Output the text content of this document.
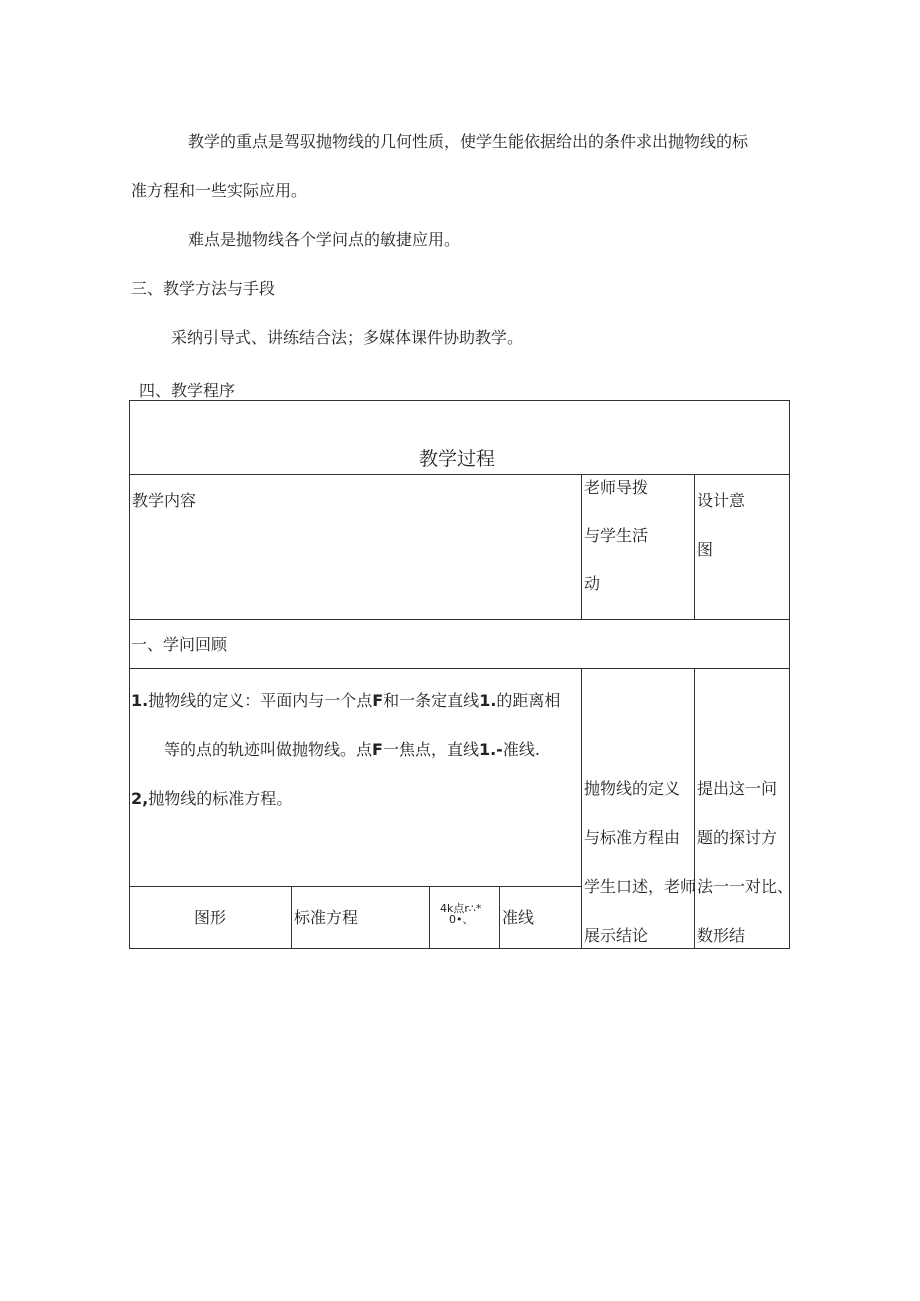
教学的重点是驾驭抛物线的几何性质，使学生能依据给出的条件求出抛物线的标
准方程和一些实际应用。
难点是抛物线各个学问点的敏捷应用。
三、教学方法与手段
采纳引导式、讲练结合法；多媒体课件协助教学。
四、教学程序
教学过程
教学内容
老师导拨
与学生活
动
设计意
图
一、学问回顾
1.抛物线的定义：平面内与一个点F和一条定直线1.的距离相
等的点的轨迹叫做抛物线。点F一焦点，直线1.-准线.
2,抛物线的标准方程。
抛物线的定义
与标准方程由
学生口述，老师
展示结论
提出这一问
题的探讨方
法一一对比、
数形结
图形	标准方程	4k点r∴*
0•、 准线
